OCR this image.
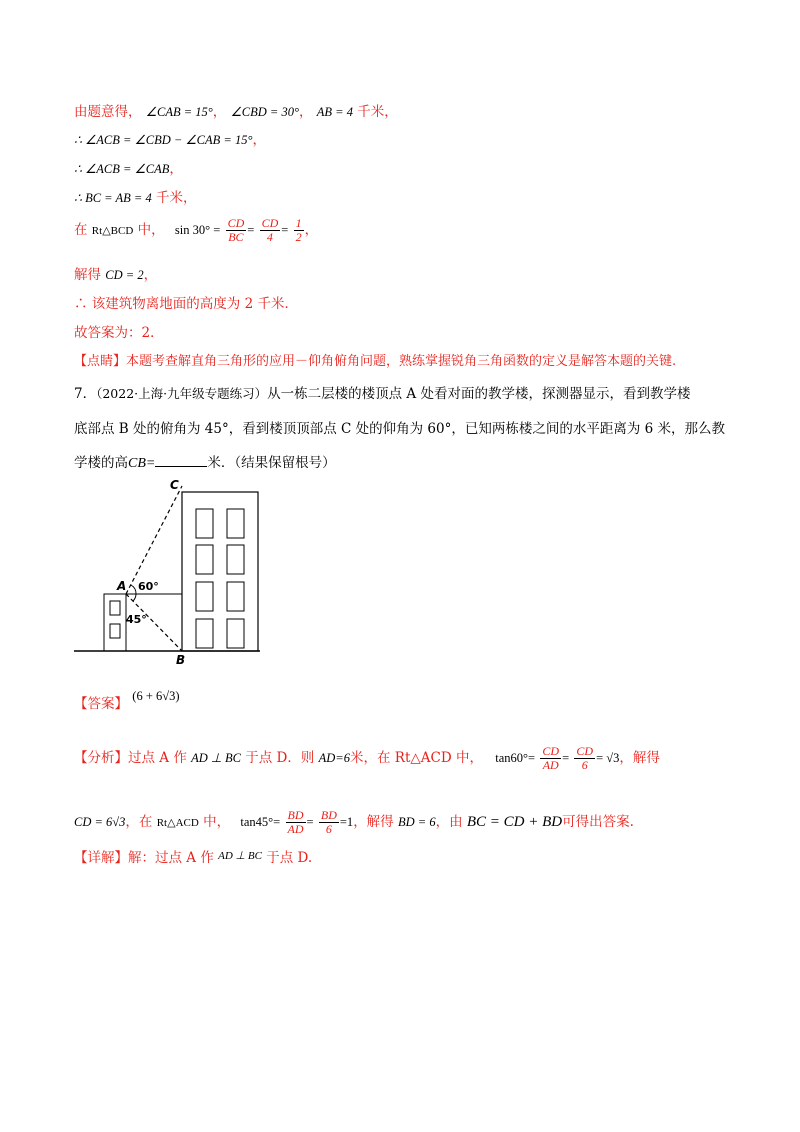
由题意得， ∠CAB = 15°， ∠CBD = 30°， AB = 4 千米，
∴ ∠ACB = ∠CBD − ∠CAB = 15°，
∴ ∠ACB = ∠CAB，
∴ BC = AB = 4 千米，
在 Rt△BCD 中， $\sin 30^\circ = \frac{CD}{BC} = \frac{CD}{4} = \frac{1}{2}$ ，
解得 CD = 2，
∴ 该建筑物离地面的高度为 2 千米．
故答案为：2．
【点睛】本题考查解直角三角形的应用－仰角俯角问题，熟练掌握锐角三角函数的定义是解答本题的关键.
7．（2022·上海·九年级专题练习）从一栋二层楼的楼顶点 A 处看对面的教学楼，探测器显示，看到教学楼
底部点 B 处的俯角为 45°，看到楼顶顶部点 C 处的仰角为 60°，已知两栋楼之间的水平距离为 6 米，那么教
学楼的高CB=	米．（结果保留根号）
C
A
B
60°
45°
【答案】 (6 + 6√3)
【分析】过点 A 作 AD ⊥ BC 于点 D．则 AD=6米，在 Rt△ACD 中， $\tan 60^\circ= \frac{CD}{AD} = \frac{CD}{6} = √3$，解得
CD = 6√3，在 Rt△ACD 中， $\tan 45^\circ= \frac{BD}{AD} = \frac{BD}{6} =1$，解得 BD = 6，由 BC = CD + BD可得出答案.
【详解】解：过点 A 作 $^{AD \perp BC}$ 于点 D.
